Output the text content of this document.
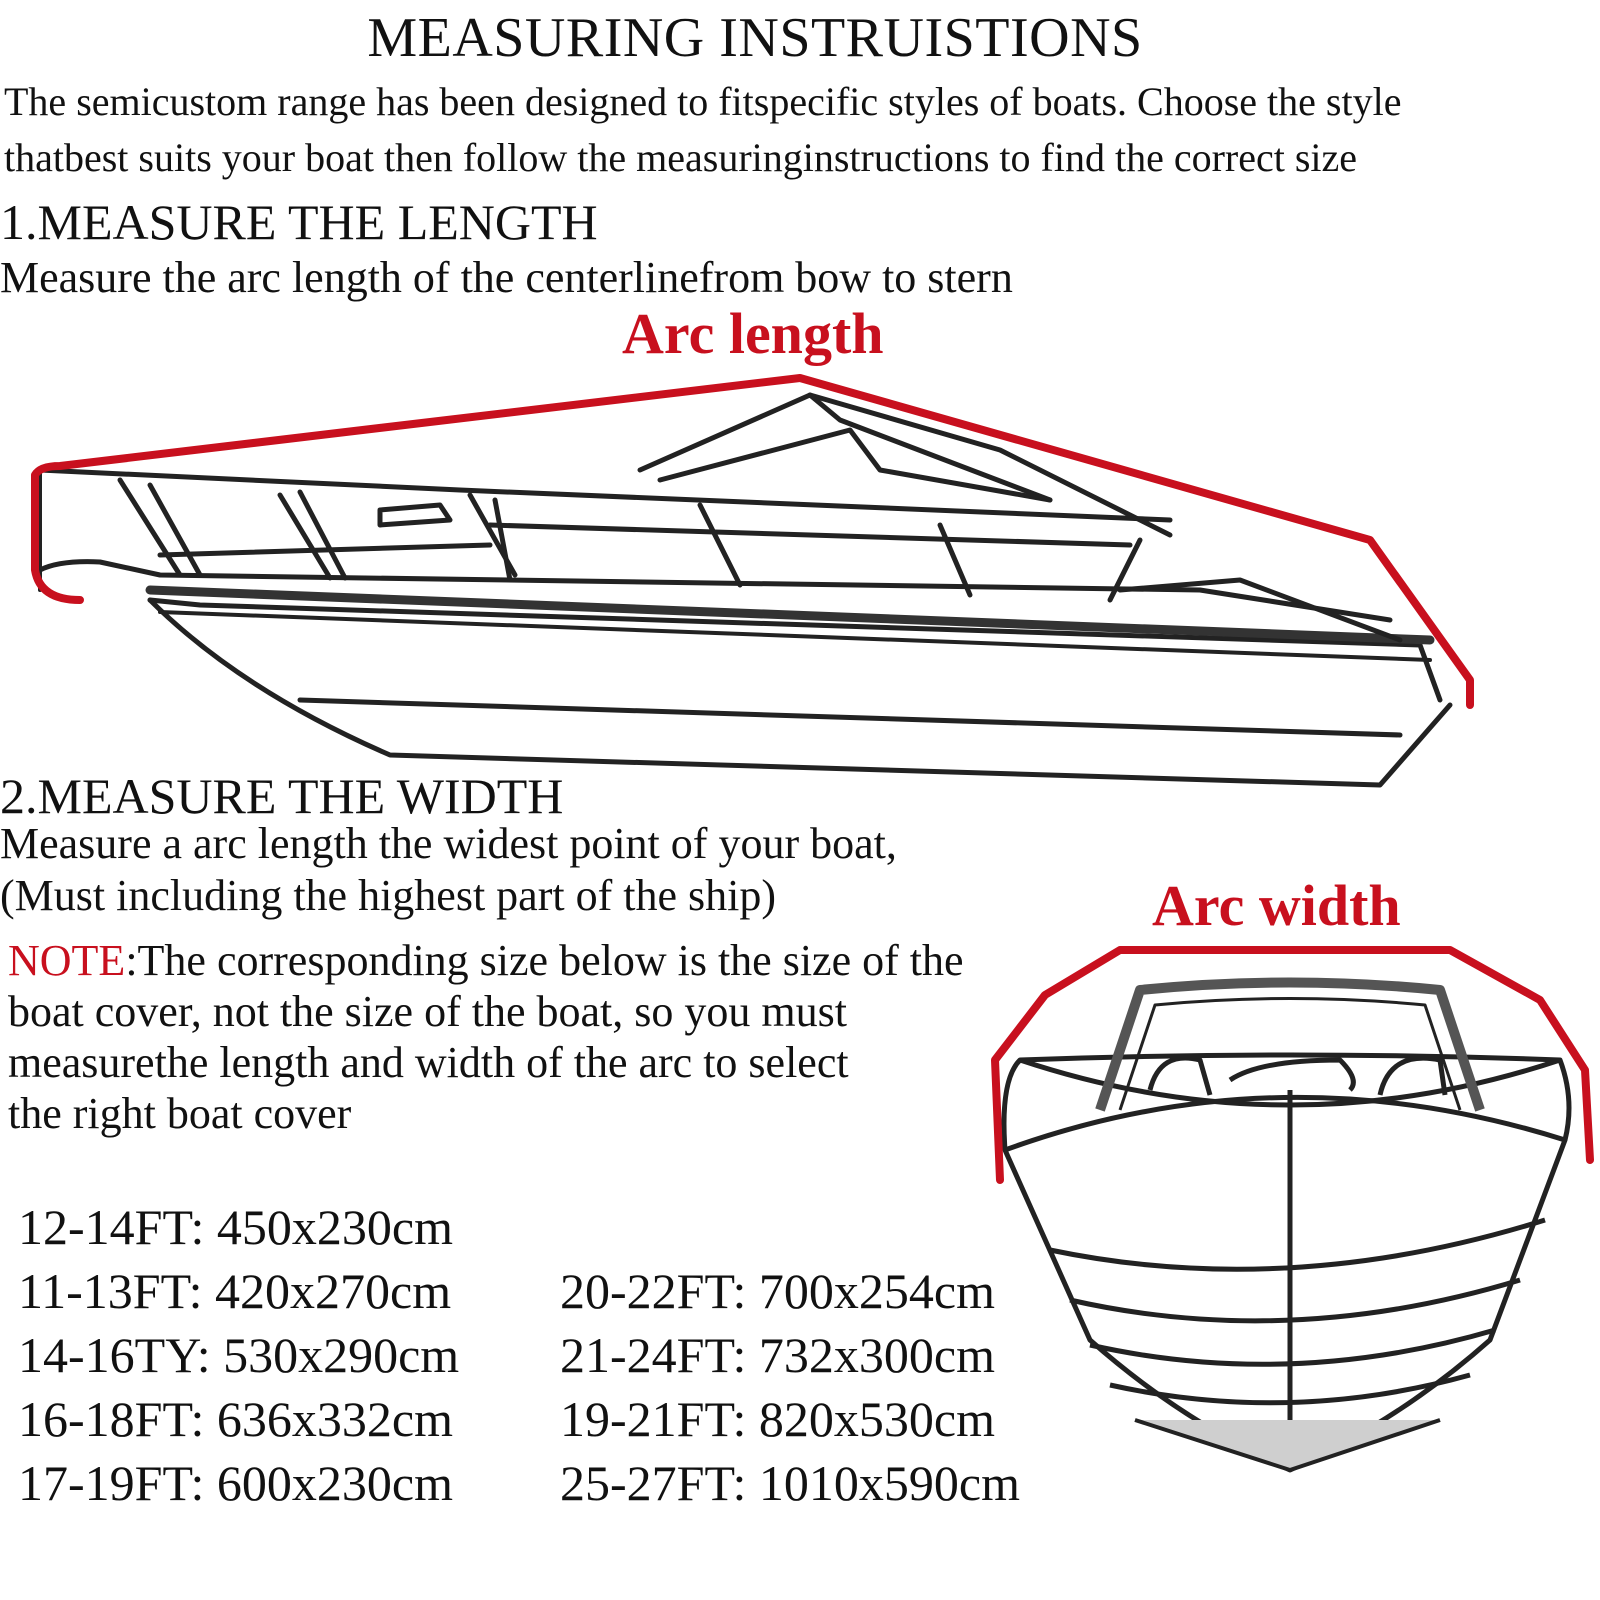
MEASURING INSTRUISTIONS
The semicustom range has been designed to fitspecific styles of boats. Choose the style
thatbest suits your boat then follow the measuringinstructions to find the correct size
1.MEASURE THE LENGTH
Measure the arc length of the centerlinefrom bow to stern
Arc length
2.MEASURE THE WIDTH
Measure a arc length the widest point of your boat,
(Must including the highest part of the ship)	Arc width
NOTE:The corresponding size below is the size of the
boat cover, not the size of the boat, so you must
measurethe length and width of the arc to select
the right boat cover
12-14FT: 450x230cm
11-13FT: 420x270cm
14-16TY: 530x290cm
16-18FT: 636x332cm
17-19FT: 600x230cm
20-22FT: 700x254cm
21-24FT: 732x300cm
19-21FT: 820x530cm
25-27FT: 1010x590cm
